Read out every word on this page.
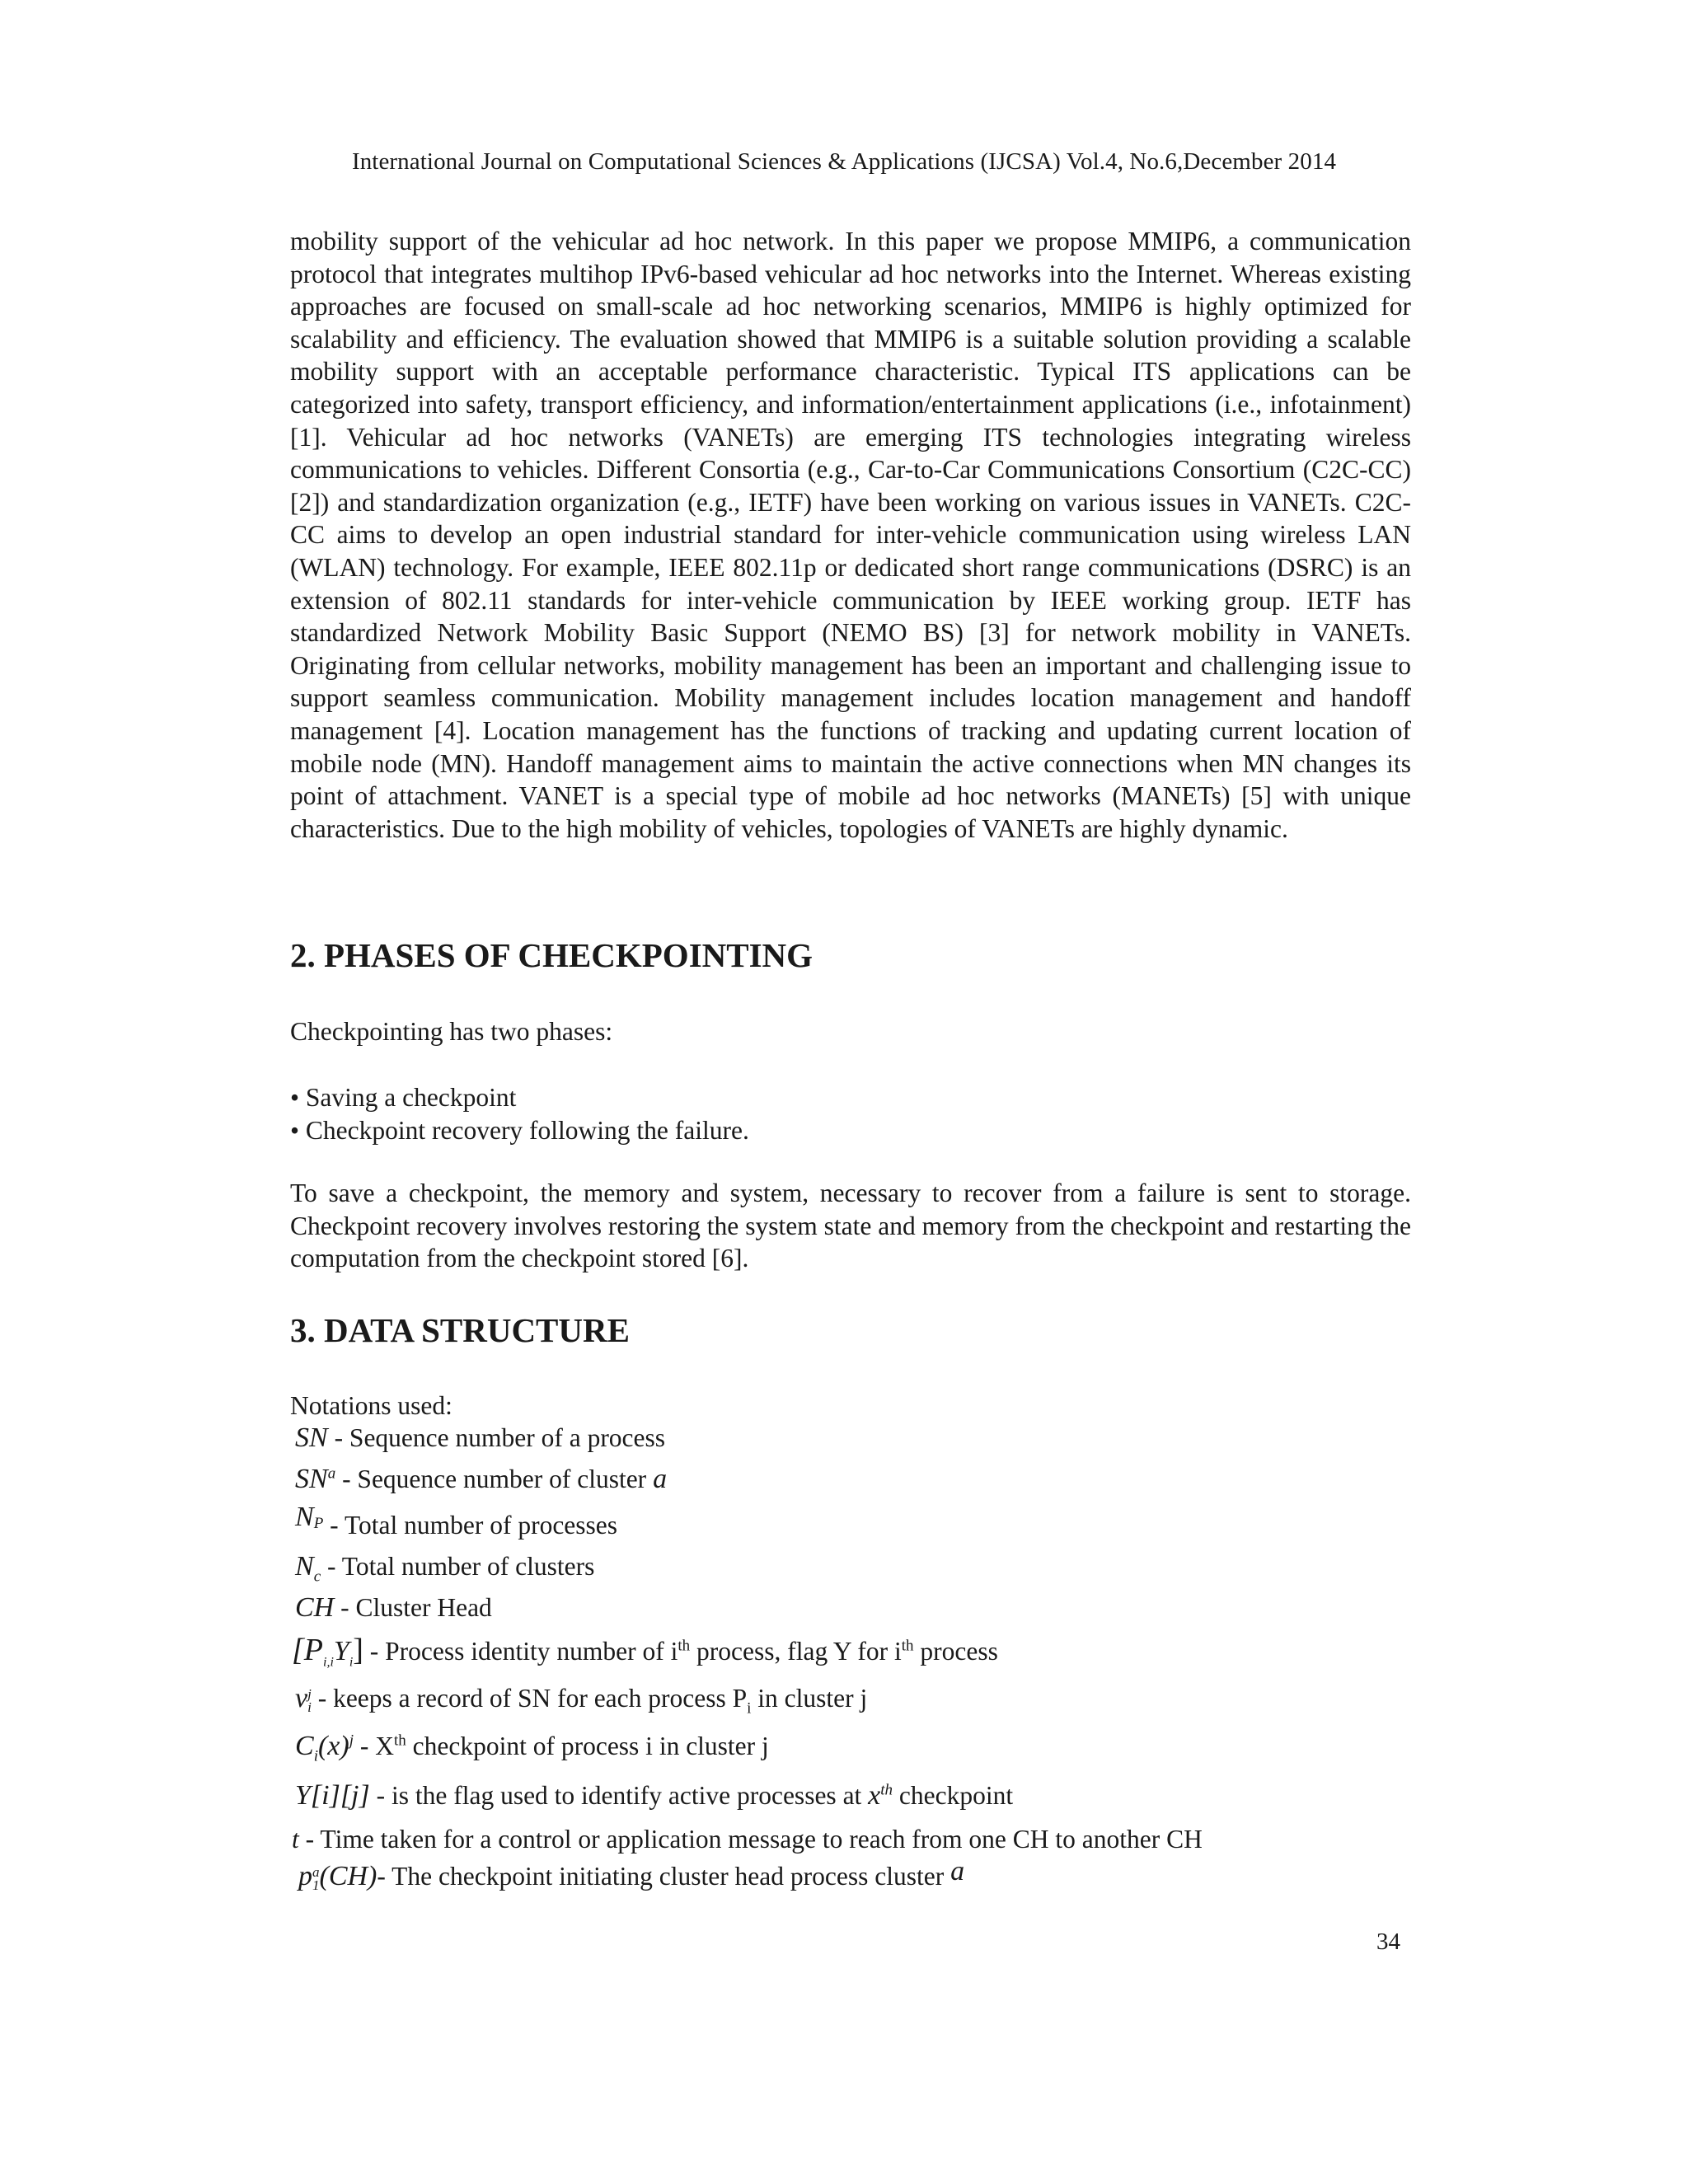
International Journal on Computational Sciences & Applications (IJCSA) Vol.4, No.6,December 2014

mobility support of the vehicular ad hoc network. In this paper we propose MMIP6, a communication protocol that integrates multihop IPv6-based vehicular ad hoc networks into the Internet. Whereas existing approaches are focused on small-scale ad hoc networking scenarios, MMIP6 is highly optimized for scalability and efficiency. The evaluation showed that MMIP6 is a suitable solution providing a scalable mobility support with an acceptable performance characteristic. Typical ITS applications can be categorized into safety, transport efficiency, and information/entertainment applications (i.e., infotainment) [1]. Vehicular ad hoc networks (VANETs) are emerging ITS technologies integrating wireless communications to vehicles. Different Consortia (e.g., Car-to-Car Communications Consortium (C2C-CC) [2]) and standardization organization (e.g., IETF) have been working on various issues in VANETs. C2C-CC aims to develop an open industrial standard for inter-vehicle communication using wireless LAN (WLAN) technology. For example, IEEE 802.11p or dedicated short range communications (DSRC) is an extension of 802.11 standards for inter-vehicle communication by IEEE working group. IETF has standardized Network Mobility Basic Support (NEMO BS) [3] for network mobility in VANETs. Originating from cellular networks, mobility management has been an important and challenging issue to support seamless communication. Mobility management includes location management and handoff management [4]. Location management has the functions of tracking and updating current location of mobile node (MN). Handoff management aims to maintain the active connections when MN changes its point of attachment. VANET is a special type of mobile ad hoc networks (MANETs) [5] with unique characteristics. Due to the high mobility of vehicles, topologies of VANETs are highly dynamic.

2. PHASES OF CHECKPOINTING

Checkpointing has two phases:

• Saving a checkpoint

• Checkpoint recovery following the failure.

To save a checkpoint, the memory and system, necessary to recover from a failure is sent to storage. Checkpoint recovery involves restoring the system state and memory from the checkpoint and restarting the computation from the checkpoint stored [6].

3. DATA STRUCTURE

Notations used:

SN - Sequence number of a process
$SN^a$ - Sequence number of cluster a
$N_P$ - Total number of processes
$N_c$ - Total number of clusters
CH - Cluster Head
$[P_{i,i}Y_i]$ - Process identity number of $i^{th}$ process, flag Y for $i^{th}$ process
v j
i - keeps a record of SN for each process $P_i$ in cluster j
$C_i(x)^j - Xth$ checkpoint of process i in cluster j
Y[i][j] - is the flag used to identify active processes at $x^{th}$ checkpoint
t - Time taken for a control or application message to reach from one CH to another CH
p a
1 (CH)- The checkpoint initiating cluster head process cluster a
34
